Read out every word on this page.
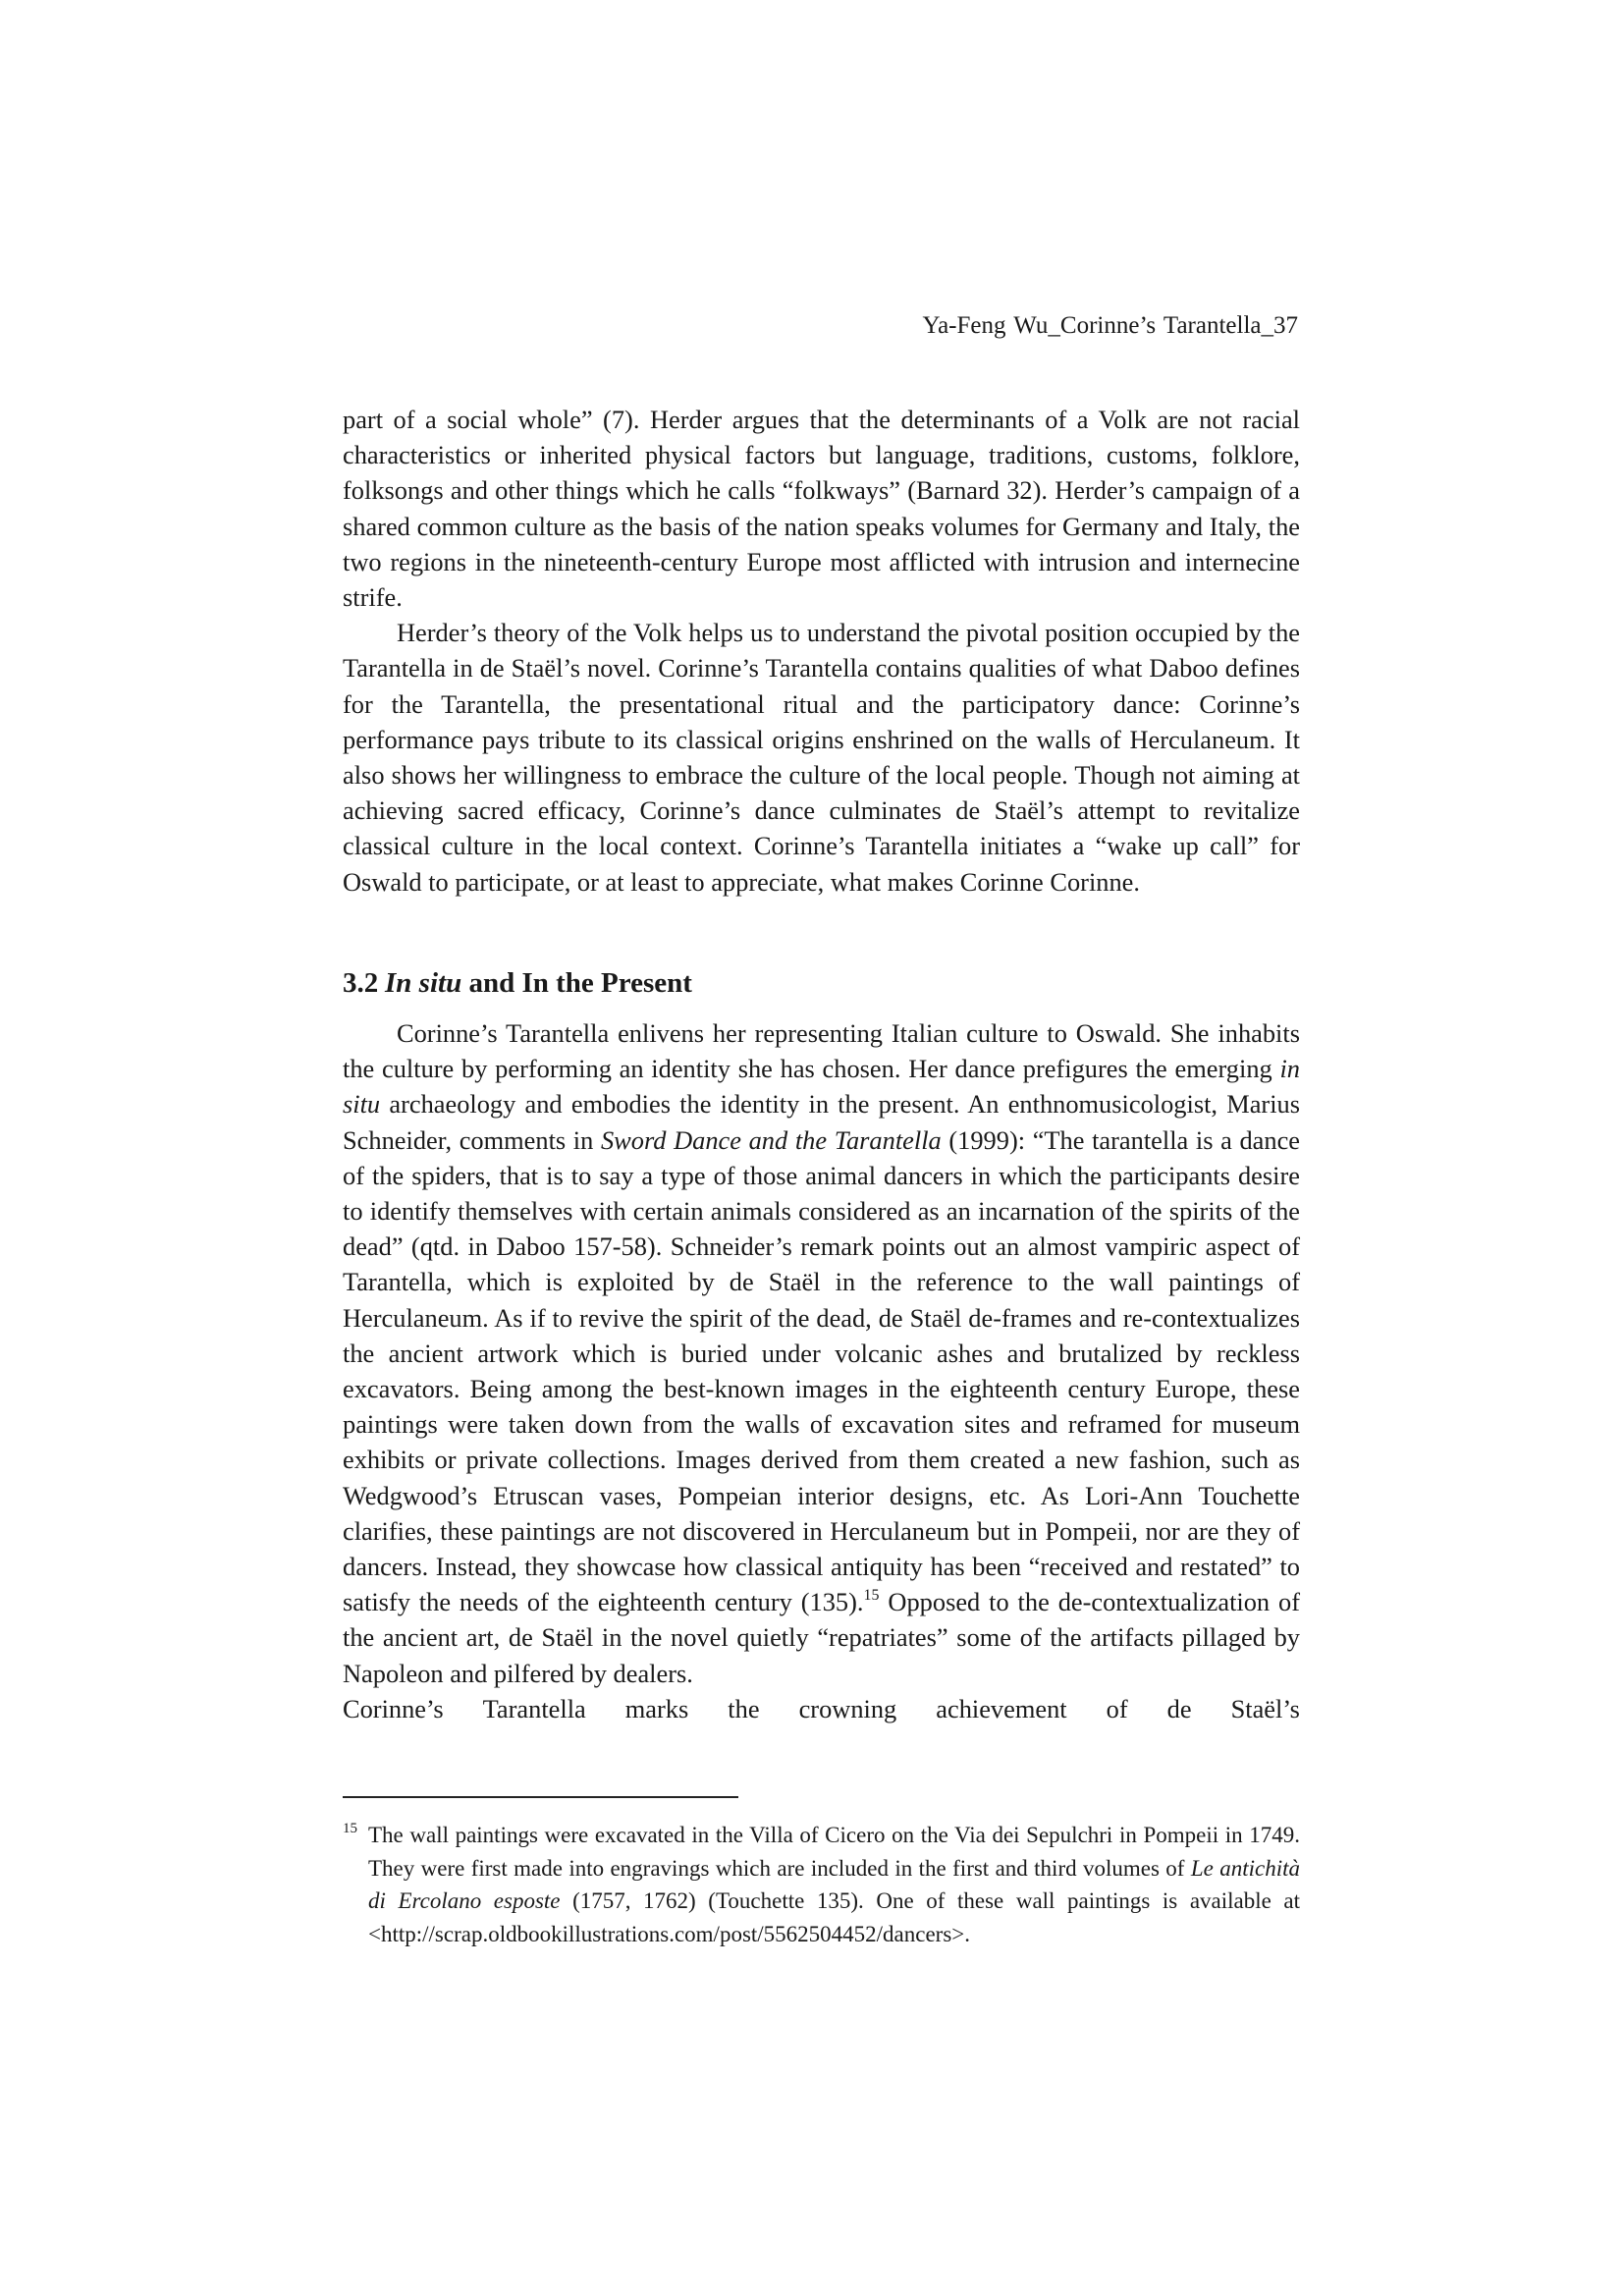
Ya-Feng Wu_Corinne’s Tarantella_37

part of a social whole” (7). Herder argues that the determinants of a Volk are not racial characteristics or inherited physical factors but language, traditions, customs, folklore, folksongs and other things which he calls “folkways” (Barnard 32). Herder’s campaign of a shared common culture as the basis of the nation speaks volumes for Germany and Italy, the two regions in the nineteenth-century Europe most afflicted with intrusion and internecine strife.

Herder’s theory of the Volk helps us to understand the pivotal position occupied by the Tarantella in de Staël’s novel. Corinne’s Tarantella contains qualities of what Daboo defines for the Tarantella, the presentational ritual and the participatory dance: Corinne’s performance pays tribute to its classical origins enshrined on the walls of Herculaneum. It also shows her willingness to embrace the culture of the local people. Though not aiming at achieving sacred efficacy, Corinne’s dance culminates de Staël’s attempt to revitalize classical culture in the local context. Corinne’s Tarantella initiates a “wake up call” for Oswald to participate, or at least to appreciate, what makes Corinne Corinne.

3.2 In situ and In the Present

Corinne’s Tarantella enlivens her representing Italian culture to Oswald. She inhabits the culture by performing an identity she has chosen. Her dance prefigures the emerging in situ archaeology and embodies the identity in the present. An enthnomusicologist, Marius Schneider, comments in Sword Dance and the Tarantella (1999): “The tarantella is a dance of the spiders, that is to say a type of those animal dancers in which the participants desire to identify themselves with certain animals considered as an incarnation of the spirits of the dead” (qtd. in Daboo 157-58). Schneider’s remark points out an almost vampiric aspect of Tarantella, which is exploited by de Staël in the reference to the wall paintings of Herculaneum. As if to revive the spirit of the dead, de Staël de-frames and re-contextualizes the ancient artwork which is buried under volcanic ashes and brutalized by reckless excavators. Being among the best-known images in the eighteenth century Europe, these paintings were taken down from the walls of excavation sites and reframed for museum exhibits or private collections. Images derived from them created a new fashion, such as Wedgwood’s Etruscan vases, Pompeian interior designs, etc. As Lori-Ann Touchette clarifies, these paintings are not discovered in Herculaneum but in Pompeii, nor are they of dancers. Instead, they showcase how classical antiquity has been “received and restated” to satisfy the needs of the eighteenth century (135).$^{15}$ Opposed to the de-contextualization of the ancient art, de Staël in the novel quietly “repatriates” some of the artifacts pillaged by Napoleon and pilfered by dealers.

Corinne’s Tarantella marks the crowning achievement of de Staël’s
15 The wall paintings were excavated in the Villa of Cicero on the Via dei Sepulchri in Pompeii in 1749. They were first made into engravings which are included in the first and third volumes of Le antichità di Ercolano esposte (1757, 1762) (Touchette 135). One of these wall paintings is available at <http://scrap.oldbookillustrations.com/post/5562504452/dancers>.
